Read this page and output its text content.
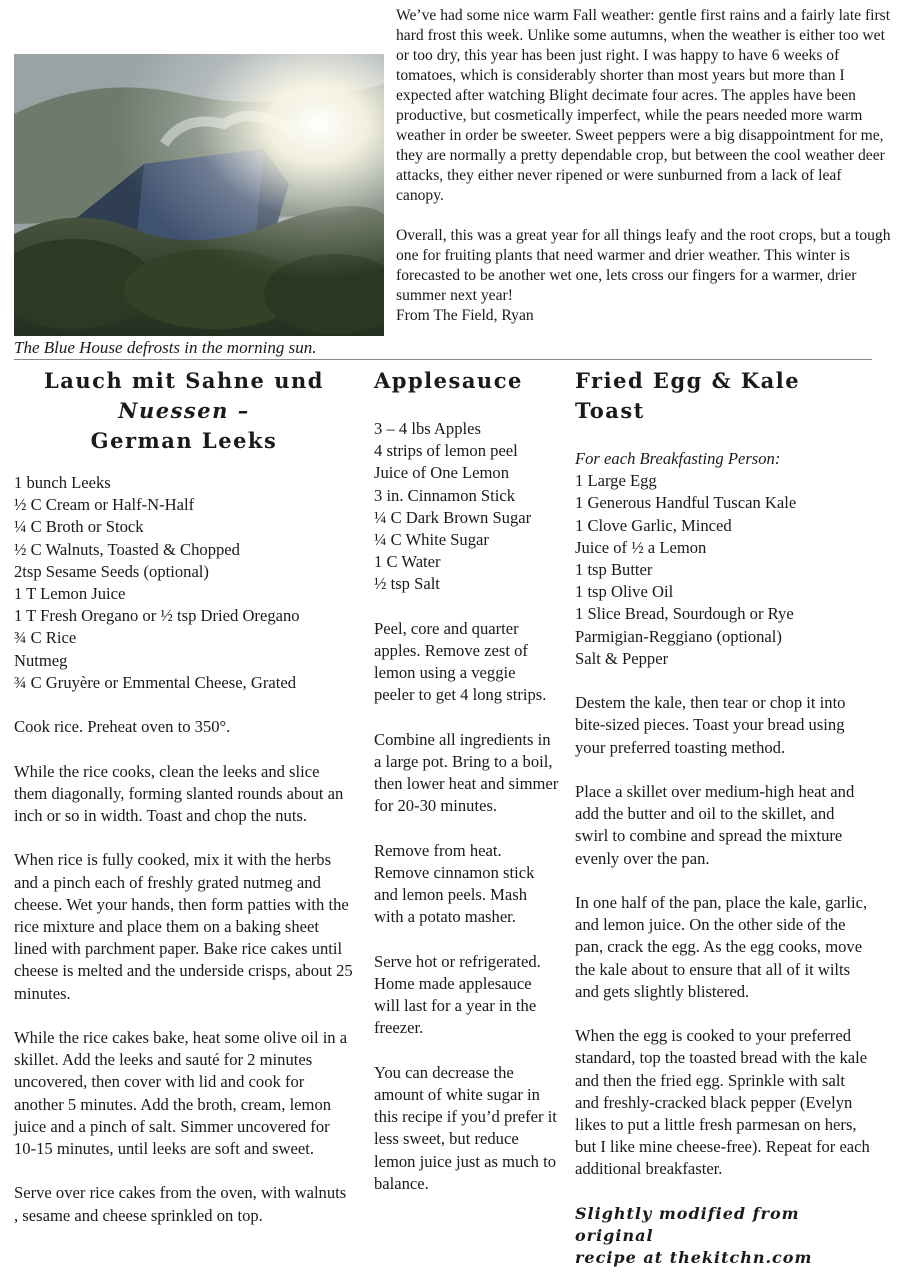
The Blue House defrosts in the morning sun.

We’ve had some nice warm Fall weather: gentle first rains and a fairly late first hard frost this week. Unlike some autumns, when the weather is either too wet or too dry, this year has been just right. I was happy to have 6 weeks of tomatoes, which is considerably shorter than most years but more than I expected after watching Blight decimate four acres. The apples have been productive, but cosmetically imperfect, while the pears needed more warm weather in order be sweeter. Sweet peppers were a big disappointment for me, they are normally a pretty dependable crop, but between the cool weather deer attacks, they either never ripened or were sunburned from a lack of leaf canopy.

Overall, this was a great year for all things leafy and the root crops, but a tough one for fruiting plants that need warmer and drier weather. This winter is forecasted to be another wet one, lets cross our fingers for a warmer, drier summer next year!

From The Field, Ryan

Lauch mit Sahne und
Nuessen –
German Leeks
1 bunch Leeks
½ C Cream or Half-N-Half
¼ C Broth or Stock
½ C Walnuts, Toasted & Chopped
2tsp Sesame Seeds (optional)
1 T Lemon Juice
1 T Fresh Oregano or ½ tsp Dried Oregano
¾ C Rice
Nutmeg
¾ C Gruyère or Emmental Cheese, Grated

Cook rice. Preheat oven to 350°.

While the rice cooks, clean the leeks and slice them diagonally, forming slanted rounds about an inch or so in width. Toast and chop the nuts.

When rice is fully cooked, mix it with the herbs and a pinch each of freshly grated nutmeg and cheese. Wet your hands, then form patties with the rice mixture and place them on a baking sheet lined with parchment paper. Bake rice cakes until cheese is melted and the underside crisps, about 25 minutes.

While the rice cakes bake, heat some olive oil in a skillet. Add the leeks and sauté for 2 minutes uncovered, then cover with lid and cook for another 5 minutes. Add the broth, cream, lemon juice and a pinch of salt. Simmer uncovered for 10-15 minutes, until leeks are soft and sweet.

Serve over rice cakes from the oven, with walnuts , sesame and cheese sprinkled on top.

Applesauce
3 – 4 lbs Apples
4 strips of lemon peel
Juice of One Lemon
3 in. Cinnamon Stick
¼ C Dark Brown Sugar
¼ C White Sugar
1 C Water
½ tsp Salt

Peel, core and quarter apples. Remove zest of lemon using a veggie peeler to get 4 long strips.

Combine all ingredients in a large pot. Bring to a boil, then lower heat and simmer for 20-30 minutes.

Remove from heat. Remove cinnamon stick and lemon peels. Mash with a potato masher.

Serve hot or refrigerated. Home made applesauce will last for a year in the freezer.

You can decrease the amount of white sugar in this recipe if you’d prefer it less sweet, but reduce lemon juice just as much to balance.

Fried Egg & Kale Toast
For each Breakfasting Person:
1 Large Egg
1 Generous Handful Tuscan Kale
1 Clove Garlic, Minced
Juice of ½ a Lemon
1 tsp Butter
1 tsp Olive Oil
1 Slice Bread, Sourdough or Rye
Parmigian-Reggiano (optional)
Salt & Pepper

Destem the kale, then tear or chop it into bite-sized pieces. Toast your bread using your preferred toasting method.

Place a skillet over medium-high heat and add the butter and oil to the skillet, and swirl to combine and spread the mixture evenly over the pan.

In one half of the pan, place the kale, garlic, and lemon juice. On the other side of the pan, crack the egg. As the egg cooks, move the kale about to ensure that all of it wilts and gets slightly blistered.

When the egg is cooked to your preferred standard, top the toasted bread with the kale and then the fried egg. Sprinkle with salt and freshly-cracked black pepper (Evelyn likes to put a little fresh parmesan on hers, but I like mine cheese-free). Repeat for each additional breakfaster.

Slightly modified from original
recipe at thekitchn.com
